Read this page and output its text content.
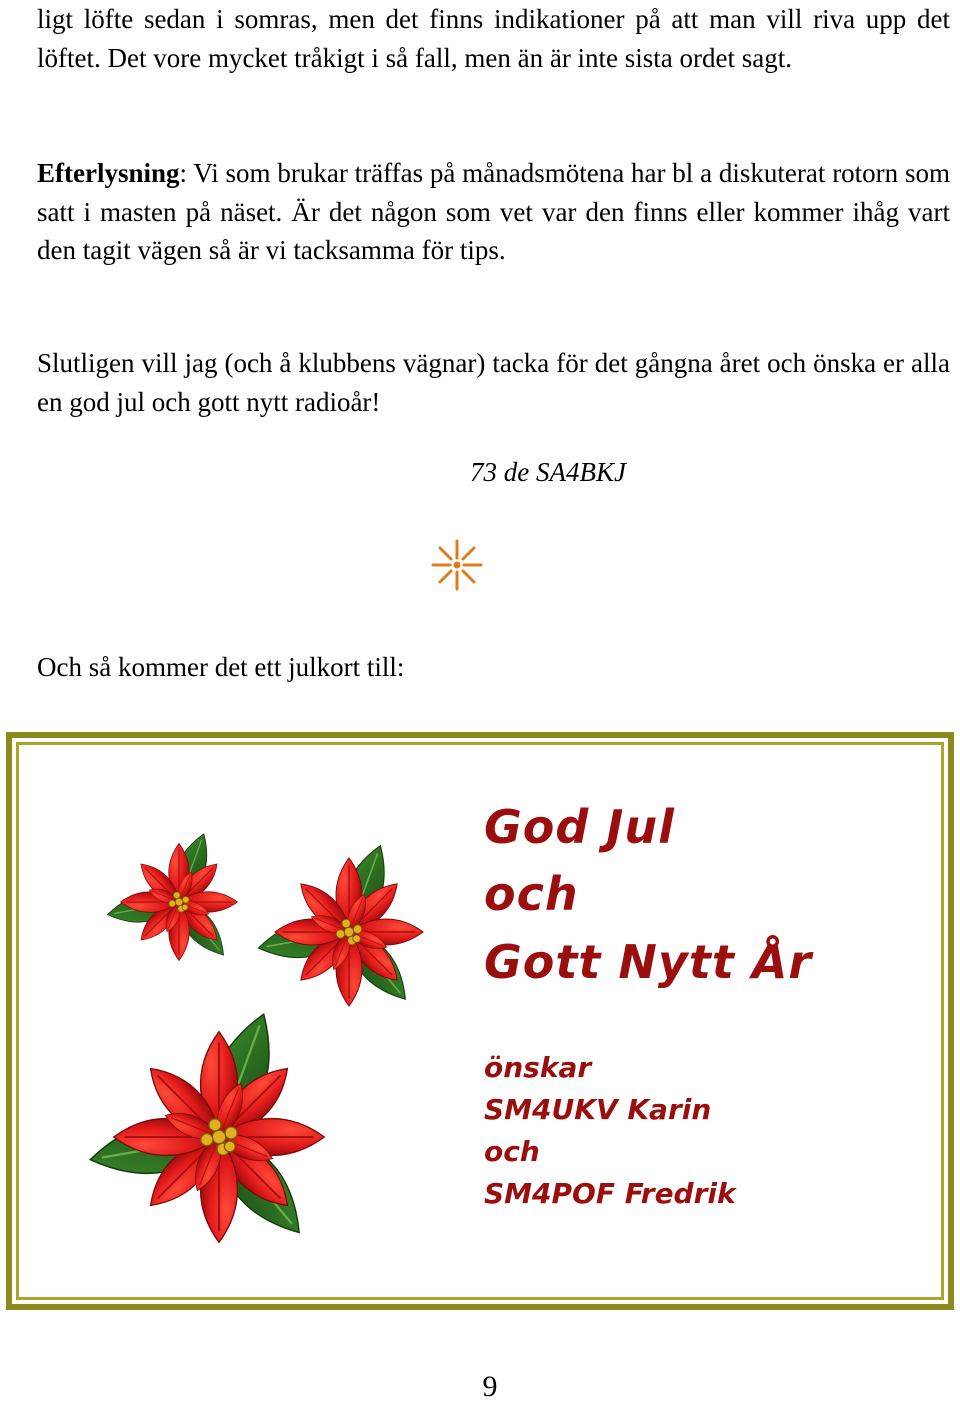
ligt löfte sedan i somras, men det finns indikationer på att man vill riva upp det löftet. Det vore mycket tråkigt i så fall, men än är inte sista ordet sagt.

Efterlysning: Vi som brukar träffas på månadsmötena har bl a diskuterat rotorn som satt i masten på näset. Är det någon som vet var den finns eller kommer ihåg vart den tagit vägen så är vi tacksamma för tips.

Slutligen vill jag (och å klubbens vägnar) tacka för det gångna året och önska er alla en god jul och gott nytt radioår!

73 de SA4BKJ
Och så kommer det ett julkort till:
God Jul
och
Gott Nytt År
önskar
SM4UKV Karin
och
SM4POF Fredrik
9
